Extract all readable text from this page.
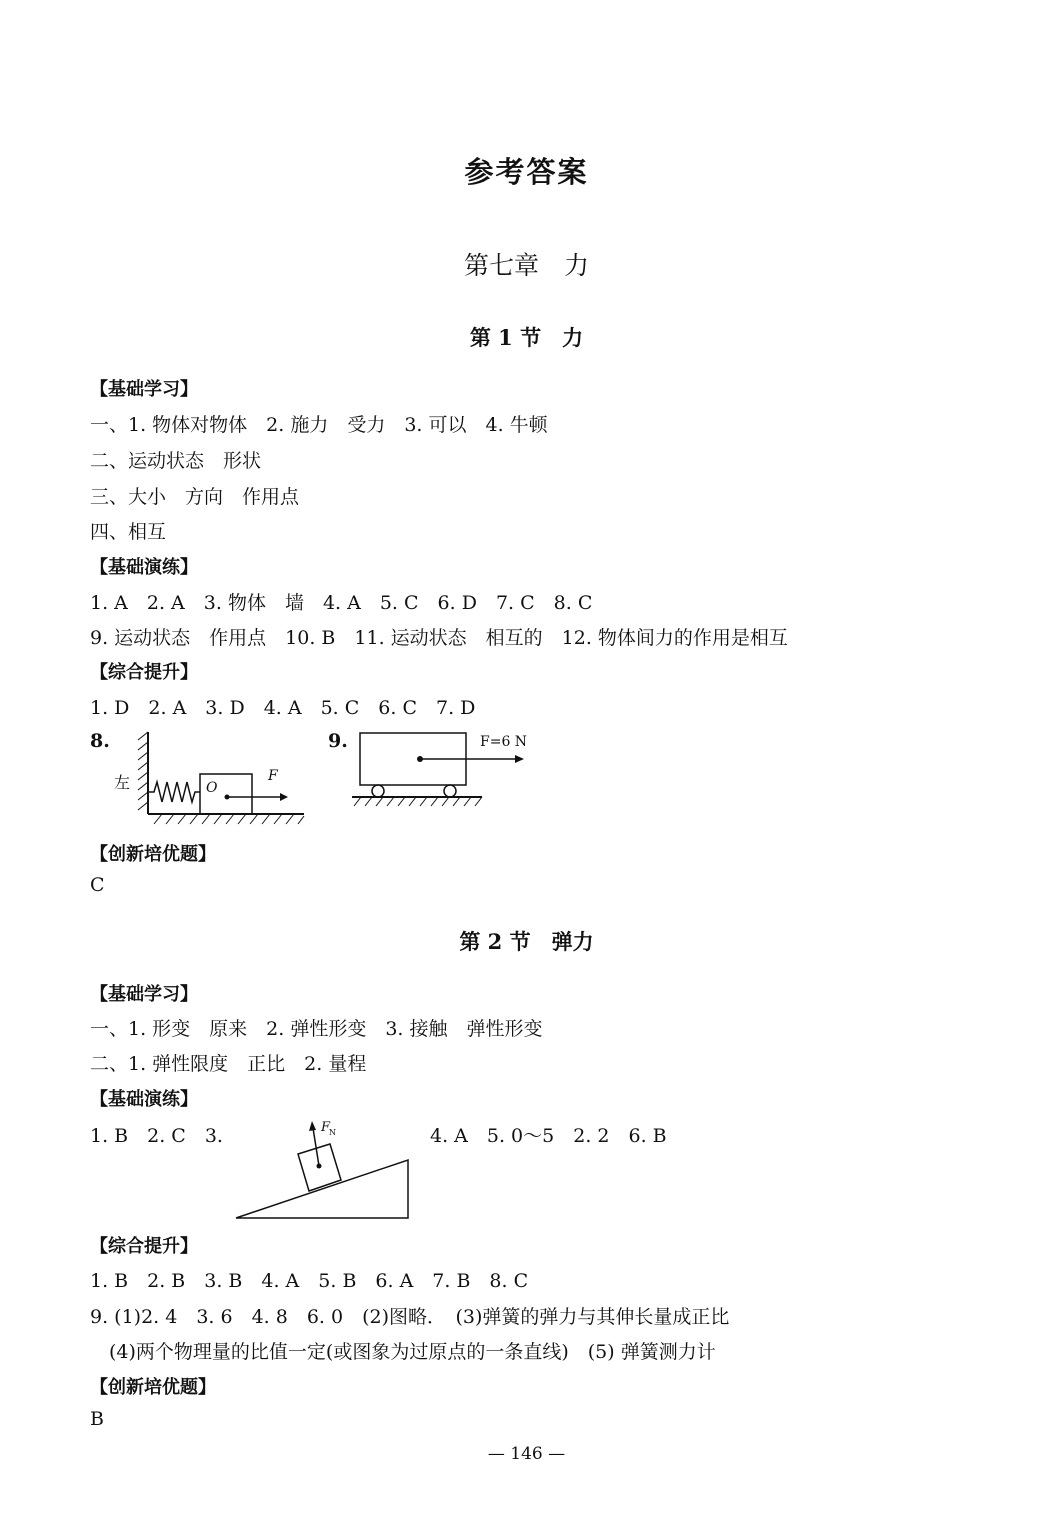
参考答案
第七章　力
第 1 节　力
【基础学习】
一、1. 物体对物体　2. 施力　受力　3. 可以　4. 牛顿
二、运动状态　形状
三、大小　方向　作用点
四、相互
【基础演练】
1. A　2. A　3. 物体　墙　4. A　5. C　6. D　7. C　8. C
9. 运动状态　作用点　10. B　11. 运动状态　相互的　12. 物体间力的作用是相互
【综合提升】
1. D　2. A　3. D　4. A　5. C　6. C　7. D
8.
左	O
F
9.	F=6 N
【创新培优题】
C
第 2 节　弹力
【基础学习】
一、1. 形变　原来　2. 弹性形变　3. 接触　弹性形变
二、1. 弹性限度　正比　2. 量程
【基础演练】
1. B　2. C　3.	4. A　5. 0～5　2. 2　6. B
F
N
【综合提升】
1. B　2. B　3. B　4. A　5. B　6. A　7. B　8. C
9. (1)2. 4　3. 6　4. 8　6. 0　(2)图略．　(3)弹簧的弹力与其伸长量成正比
　(4)两个物理量的比值一定(或图象为过原点的一条直线)　(5) 弹簧测力计
【创新培优题】
B
— 146 —
